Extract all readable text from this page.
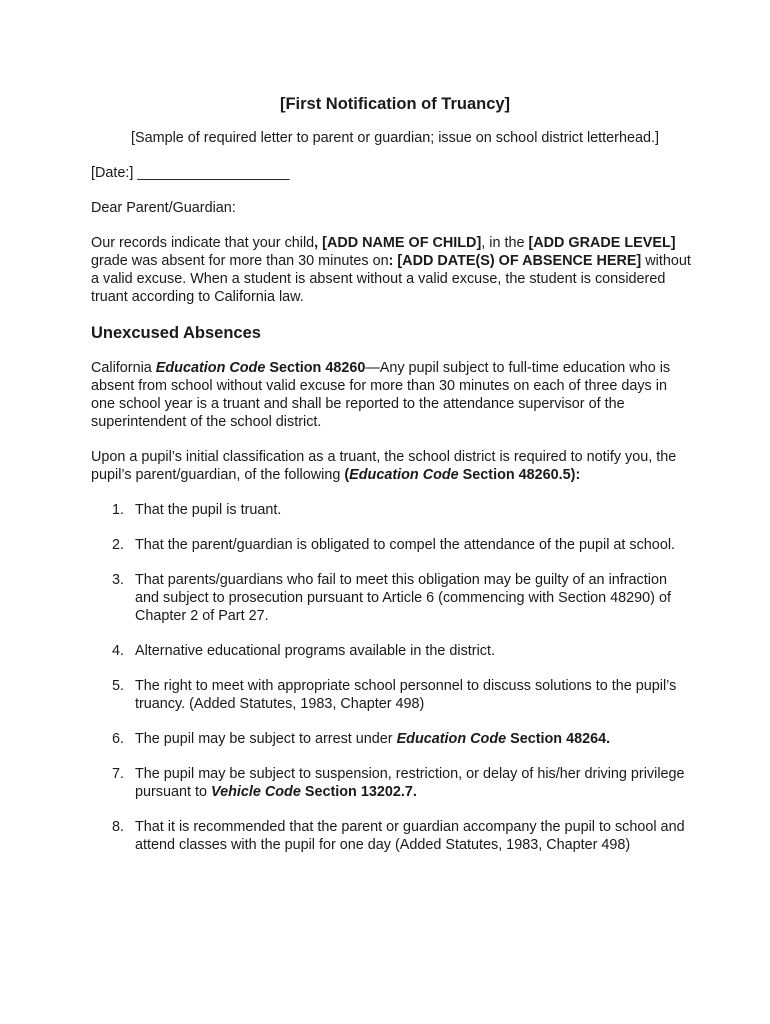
[First Notification of Truancy]

[Sample of required letter to parent or guardian; issue on school district letterhead.]

[Date:] ___________________

Dear Parent/Guardian:

Our records indicate that your child, [ADD NAME OF CHILD], in the [ADD GRADE LEVEL] grade was absent for more than 30 minutes on: [ADD DATE(S) OF ABSENCE HERE] without a valid excuse. When a student is absent without a valid excuse, the student is considered truant according to California law.

Unexcused Absences

California Education Code Section 48260—Any pupil subject to full-time education who is absent from school without valid excuse for more than 30 minutes on each of three days in one school year is a truant and shall be reported to the attendance supervisor of the superintendent of the school district.

Upon a pupil’s initial classification as a truant, the school district is required to notify you, the pupil’s parent/guardian, of the following (Education Code Section 48260.5):

1. That the pupil is truant.
2. That the parent/guardian is obligated to compel the attendance of the pupil at school.
3. That parents/guardians who fail to meet this obligation may be guilty of an infraction and subject to prosecution pursuant to Article 6 (commencing with Section 48290) of Chapter 2 of Part 27.
4. Alternative educational programs available in the district.
5. The right to meet with appropriate school personnel to discuss solutions to the pupil’s truancy. (Added Statutes, 1983, Chapter 498)
6. The pupil may be subject to arrest under Education Code Section 48264.
7. The pupil may be subject to suspension, restriction, or delay of his/her driving privilege pursuant to Vehicle Code Section 13202.7.
8. That it is recommended that the parent or guardian accompany the pupil to school and attend classes with the pupil for one day (Added Statutes, 1983, Chapter 498)
